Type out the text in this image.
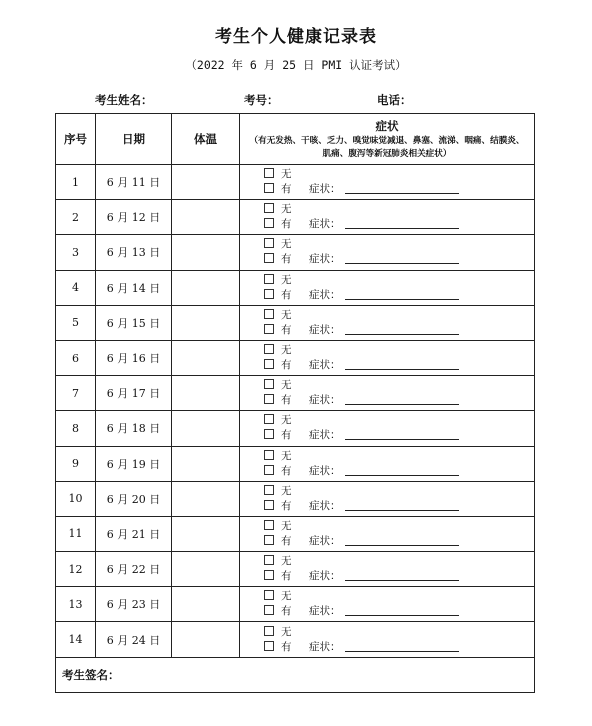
考生个人健康记录表
（2022 年 6 月 25 日 PMI 认证考试）
考生姓名：	考号：	电话：
序号	日期	体温	症状
（有无发热、干咳、乏力、嗅觉味觉减退、鼻塞、流涕、咽痛、结膜炎、肌痛、腹泻等新冠肺炎相关症状）

1	6 月 11 日		无
有 症状：

2	6 月 12 日		无
有 症状：

3	6 月 13 日		无
有 症状：

4	6 月 14 日		无
有 症状：

5	6 月 15 日		无
有 症状：

6	6 月 16 日		无
有 症状：

7	6 月 17 日		无
有 症状：

8	6 月 18 日		无
有 症状：

9	6 月 19 日		无
有 症状：

10	6 月 20 日		无
有 症状：

11	6 月 21 日		无
有 症状：

12	6 月 22 日		无
有 症状：

13	6 月 23 日		无
有 症状：

14	6 月 24 日		无
有 症状：

考生签名：			
